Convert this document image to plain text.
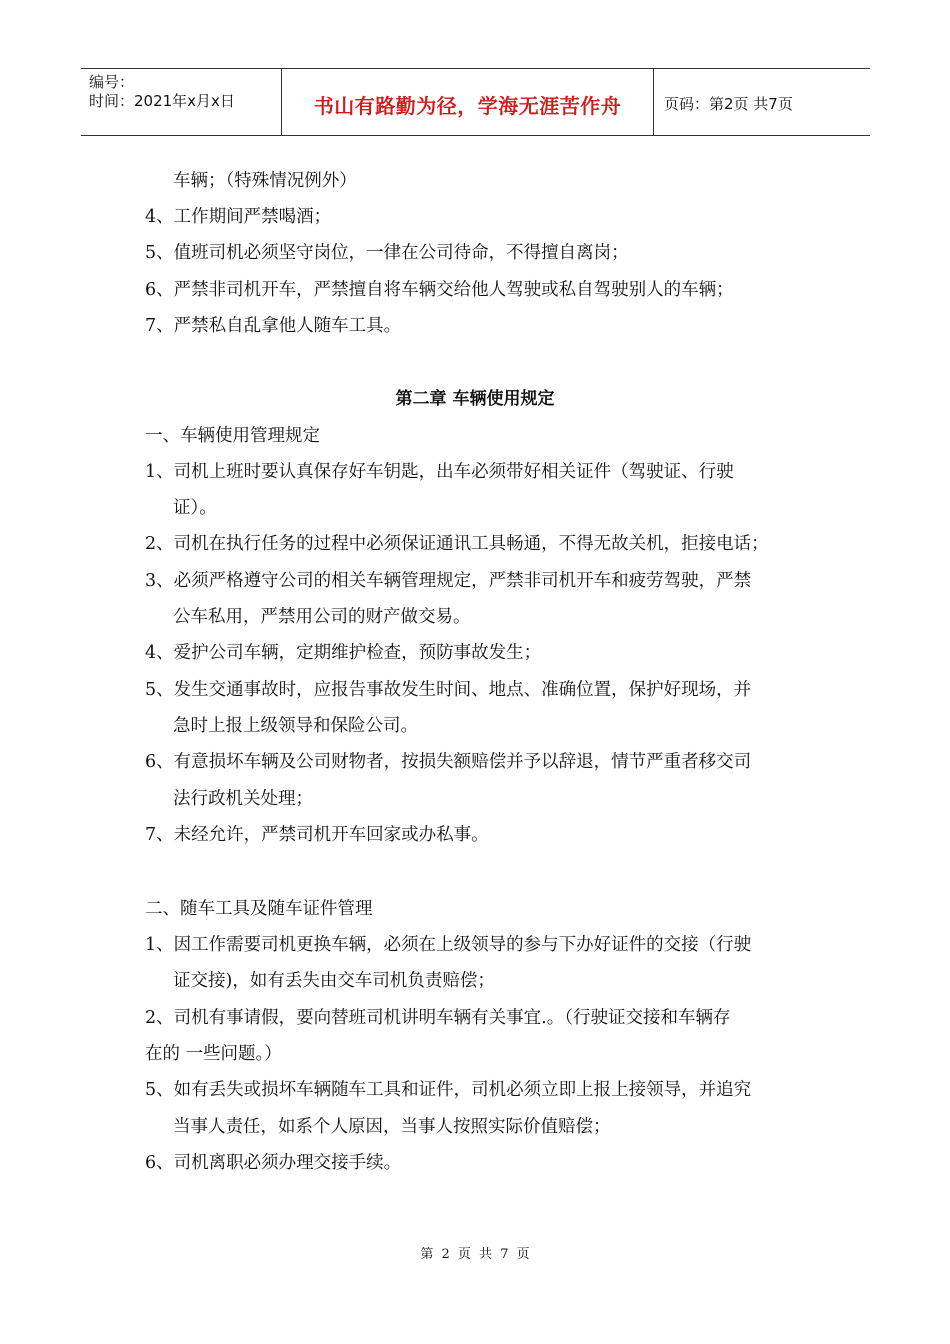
编号：
时间：2021年x月x日	书山有路勤为径，学海无涯苦作舟	页码：第2页 共7页
车辆；（特殊情况例外）
4、工作期间严禁喝酒；
5、值班司机必须坚守岗位，一律在公司待命，不得擅自离岗；
6、严禁非司机开车，严禁擅自将车辆交给他人驾驶或私自驾驶别人的车辆；
7、严禁私自乱拿他人随车工具。
第二章 车辆使用规定
一、车辆使用管理规定
1、司机上班时要认真保存好车钥匙，出车必须带好相关证件（驾驶证、行驶
证）。
2、司机在执行任务的过程中必须保证通讯工具畅通，不得无故关机，拒接电话；
3、必须严格遵守公司的相关车辆管理规定，严禁非司机开车和疲劳驾驶，严禁
公车私用，严禁用公司的财产做交易。
4、爱护公司车辆，定期维护检查，预防事故发生；
5、发生交通事故时，应报告事故发生时间、地点、准确位置，保护好现场，并
急时上报上级领导和保险公司。
6、有意损坏车辆及公司财物者，按损失额赔偿并予以辞退，情节严重者移交司
法行政机关处理；
7、未经允许，严禁司机开车回家或办私事。
二、随车工具及随车证件管理
1、因工作需要司机更换车辆，必须在上级领导的参与下办好证件的交接（行驶
证交接)，如有丢失由交车司机负责赔偿；
2、司机有事请假，要向替班司机讲明车辆有关事宜.。（行驶证交接和车辆存
在的 一些问题。）
5、如有丢失或损坏车辆随车工具和证件，司机必须立即上报上接领导，并追究
当事人责任，如系个人原因，当事人按照实际价值赔偿；
6、司机离职必须办理交接手续。
第 2 页 共 7 页
